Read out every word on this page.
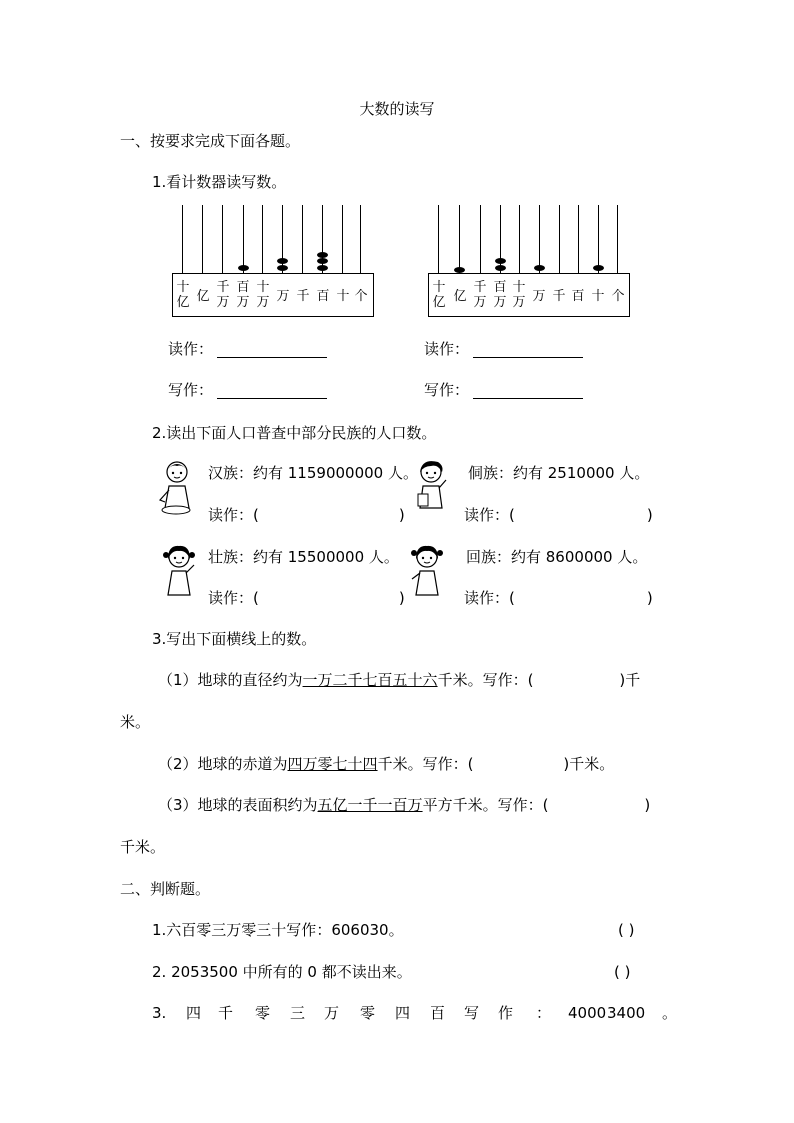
大数的读写
一、按要求完成下面各题。
1.看计数器读写数。
十
亿 亿
千
万
百
万
十
万 万 千 百 十 个
十
亿 亿
千
万
百
万
十
万 万 千 百 十 个
读作：	读作：
写作：	写作：
2.读出下面人口普查中部分民族的人口数。
汉族：约有 1159000000 人。	侗族：约有 2510000 人。
读作：(	)	读作：(	)
壮族：约有 15500000 人。	回族：约有 8600000 人。
读作：(	)	读作：(	)
3.写出下面横线上的数。
（1）地球的直径约为一万二千七百五十六千米。写作：(	)千
米。
（2）地球的赤道为四万零七十四千米。写作：(	)千米。
（3）地球的表面积约为五亿一千一百万平方千米。写作：(	)
千米。
二、判断题。
1.六百零三万零三十写作：606030。	( )
2. 2053500 中所有的 0 都不读出来。	( )
3. 四 千 零 三 万 零 四 百 写 作 ： 4000 3400 。
